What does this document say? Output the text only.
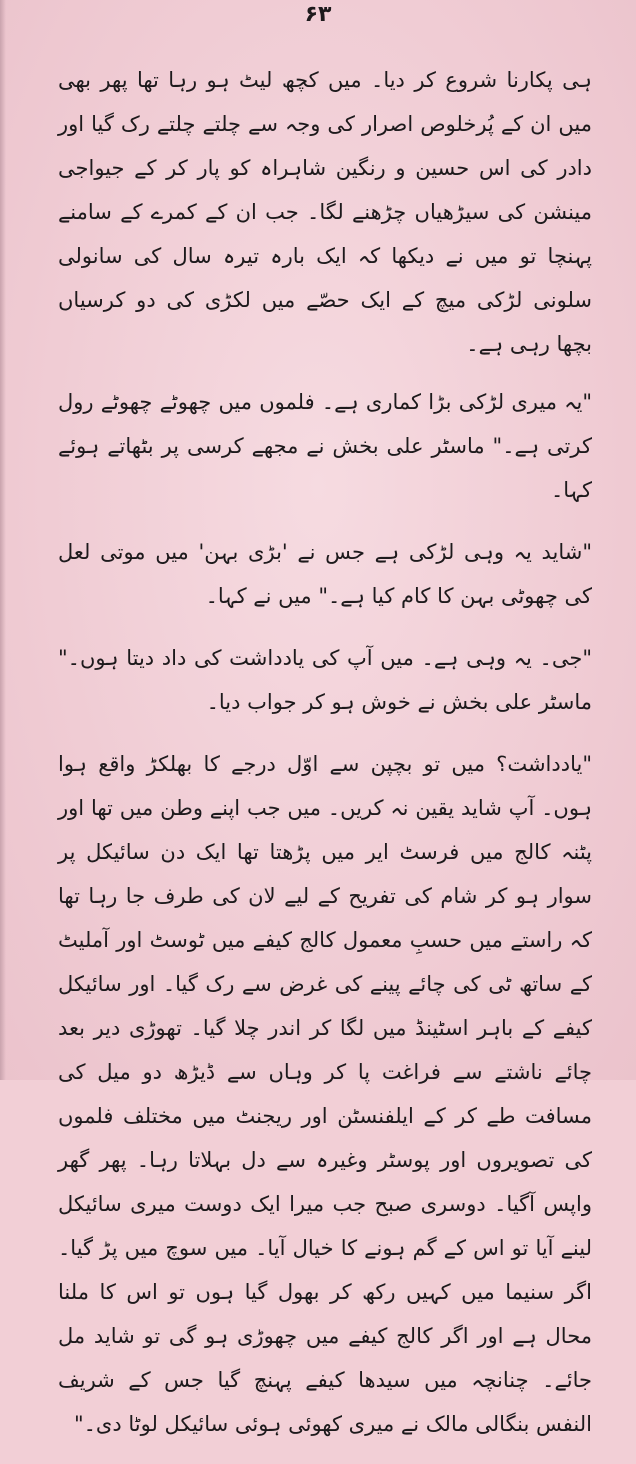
۶۳

ہی پکارنا شروع کر دیا۔ میں کچھ لیٹ ہو رہا تھا پھر بھی میں ان کے پُرخلوص اصرار کی وجہ سے چلتے چلتے رک گیا اور دادر کی اس حسین و رنگین شاہراہ کو پار کر کے جیواجی مینشن کی سیڑھیاں چڑھنے لگا۔ جب ان کے کمرے کے سامنے پہنچا تو میں نے دیکھا کہ ایک بارہ تیرہ سال کی سانولی سلونی لڑکی میچ کے ایک حصّے میں لکڑی کی دو کرسیاں بچھا رہی ہے۔

"یہ میری لڑکی بڑا کماری ہے۔ فلموں میں چھوٹے چھوٹے رول کرتی ہے۔" ماسٹر علی بخش نے مجھے کرسی پر بٹھاتے ہوئے کہا۔

"شاید یہ وہی لڑکی ہے جس نے 'بڑی بہن' میں موتی لعل کی چھوٹی بہن کا کام کیا ہے۔" میں نے کہا۔

"جی۔ یہ وہی ہے۔ میں آپ کی یادداشت کی داد دیتا ہوں۔" ماسٹر علی بخش نے خوش ہو کر جواب دیا۔

"یادداشت؟ میں تو بچپن سے اوّل درجے کا بھلکڑ واقع ہوا ہوں۔ آپ شاید یقین نہ کریں۔ میں جب اپنے وطن میں تھا اور پٹنہ کالج میں فرسٹ ایر میں پڑھتا تھا ایک دن سائیکل پر سوار ہو کر شام کی تفریح کے لیے لان کی طرف جا رہا تھا کہ راستے میں حسبِ معمول کالج کیفے میں ٹوسٹ اور آملیٹ کے ساتھ ٹی کی چائے پینے کی غرض سے رک گیا۔ اور سائیکل کیفے کے باہر اسٹینڈ میں لگا کر اندر چلا گیا۔ تھوڑی دیر بعد چائے ناشتے سے فراغت پا کر وہاں سے ڈیڑھ دو میل کی مسافت طے کر کے ایلفنسٹن اور ریجنٹ میں مختلف فلموں کی تصویروں اور پوسٹر وغیرہ سے دل بہلاتا رہا۔ پھر گھر واپس آگیا۔ دوسری صبح جب میرا ایک دوست میری سائیکل لینے آیا تو اس کے گم ہونے کا خیال آیا۔ میں سوچ میں پڑ گیا۔ اگر سنیما میں کہیں رکھ کر بھول گیا ہوں تو اس کا ملنا محال ہے اور اگر کالج کیفے میں چھوڑی ہو گی تو شاید مل جائے۔ چنانچہ میں سیدھا کیفے پہنچ گیا جس کے شریف النفس بنگالی مالک نے میری کھوئی ہوئی سائیکل لوٹا دی۔"
